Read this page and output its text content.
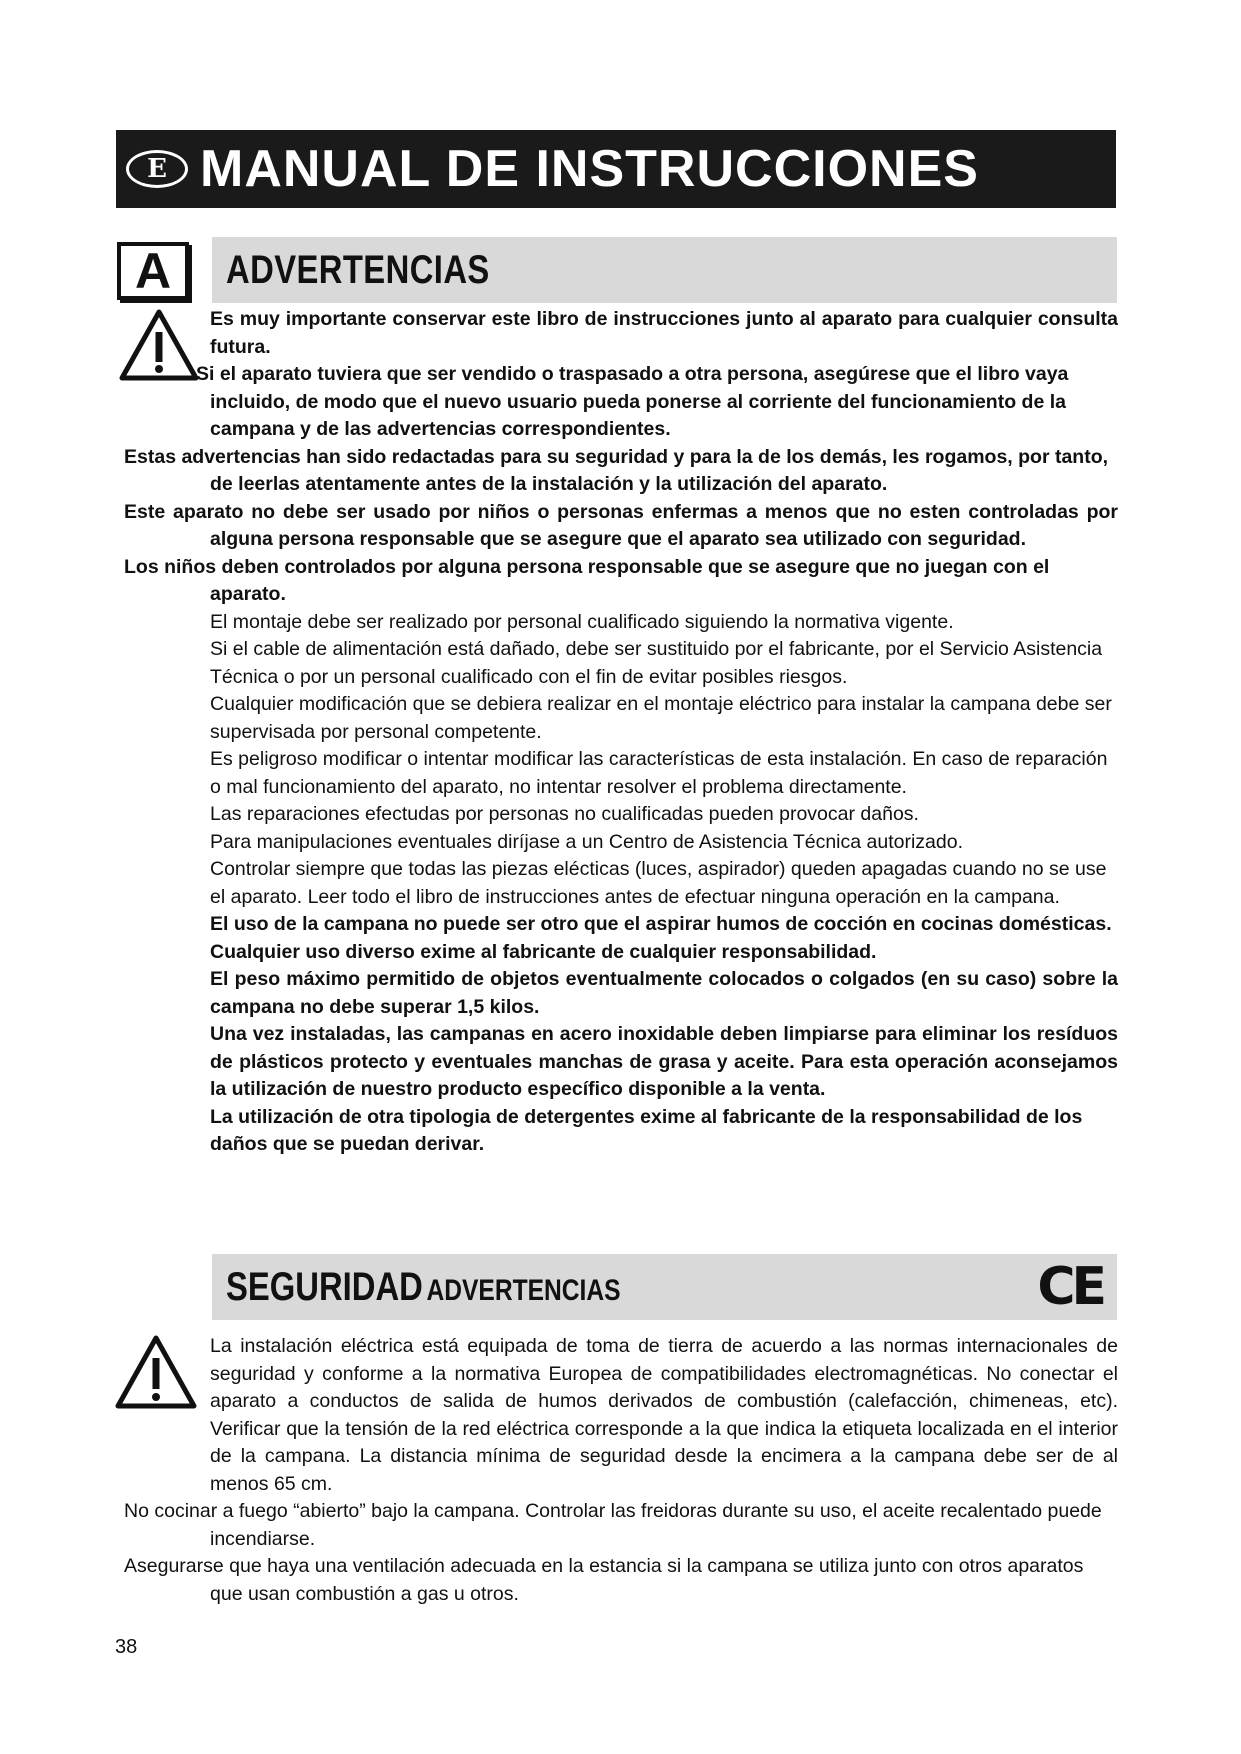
E MANUAL DE INSTRUCCIONES
A	ADVERTENCIAS

Es muy importante conservar este libro de instrucciones junto al aparato para cualquier consulta futura.

Si el aparato tuviera que ser vendido o traspasado a otra persona, asegúrese que el libro vaya incluido, de modo que el nuevo usuario pueda ponerse al corriente del funcionamiento de la campana y de las advertencias correspondientes.

Estas advertencias han sido redactadas para su seguridad y para la de los demás, les rogamos, por tanto, de leerlas atentamente antes de la instalación y la utilización del aparato.

Este aparato no debe ser usado por niños o personas enfermas a menos que no esten controladas por alguna persona responsable que se asegure que el aparato sea utilizado con seguridad.

Los niños deben controlados por alguna persona responsable que se asegure que no juegan con el aparato.

El montaje debe ser realizado por personal cualificado siguiendo la normativa vigente.

Si el cable de alimentación está dañado, debe ser sustituido por el fabricante, por el Servicio Asistencia Técnica o por un personal cualificado con el fin de evitar posibles riesgos.

Cualquier modificación que se debiera realizar en el montaje eléctrico para instalar la campana debe ser supervisada por personal competente.

Es peligroso modificar o intentar modificar las características de esta instalación. En caso de reparación o mal funcionamiento del aparato, no intentar resolver el problema directamente.

Las reparaciones efectudas por personas no cualificadas pueden provocar daños.

Para manipulaciones eventuales diríjase a un Centro de Asistencia Técnica autorizado.

Controlar siempre que todas las piezas elécticas (luces, aspirador) queden apagadas cuando no se use el aparato. Leer todo el libro de instrucciones antes de efectuar ninguna operación en la campana.

El uso de la campana no puede ser otro que el aspirar humos de cocción en cocinas domésticas.

Cualquier uso diverso exime al fabricante de cualquier responsabilidad.

El peso máximo permitido de objetos eventualmente colocados o colgados (en su caso) sobre la campana no debe superar 1,5 kilos.

Una vez instaladas, las campanas en acero inoxidable deben limpiarse para eliminar los resíduos de plásticos protecto y eventuales manchas de grasa y aceite. Para esta operación aconsejamos la utilización de nuestro producto específico disponible a la venta.

La utilización de otra tipologia de detergentes exime al fabricante de la responsabilidad de los daños que se puedan derivar.

SEGURIDAD ADVERTENCIAS	CE

La instalación eléctrica está equipada de toma de tierra de acuerdo a las normas internacionales de seguridad y conforme a la normativa Europea de compatibilidades electromagnéticas. No conectar el aparato a conductos de salida de humos derivados de combustión (calefacción, chimeneas, etc). Verificar que la tensión de la red eléctrica corresponde a la que indica la etiqueta localizada en el interior de la campana. La distancia mínima de seguridad desde la encimera a la campana debe ser de al menos 65 cm.

No cocinar a fuego “abierto” bajo la campana. Controlar las freidoras durante su uso, el aceite recalentado puede incendiarse.

Asegurarse que haya una ventilación adecuada en la estancia si la campana se utiliza junto con otros aparatos que usan combustión a gas u otros.

38
